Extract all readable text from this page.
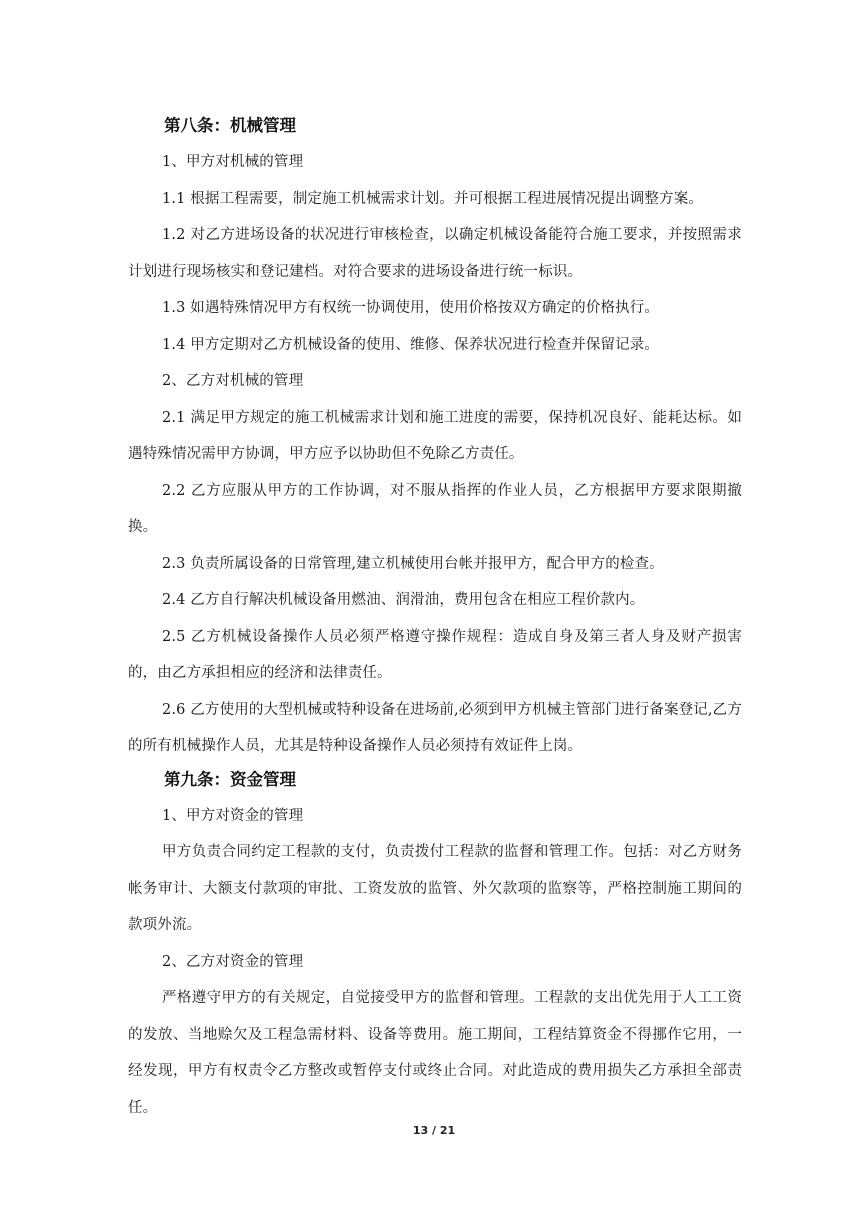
第八条：机械管理

1、甲方对机械的管理

1.1 根据工程需要，制定施工机械需求计划。并可根据工程进展情况提出调整方案。

1.2 对乙方进场设备的状况进行审核检查，以确定机械设备能符合施工要求，并按照需求计划进行现场核实和登记建档。对符合要求的进场设备进行统一标识。

1.3 如遇特殊情况甲方有权统一协调使用，使用价格按双方确定的价格执行。

1.4 甲方定期对乙方机械设备的使用、维修、保养状况进行检查并保留记录。

2、乙方对机械的管理

2.1 满足甲方规定的施工机械需求计划和施工进度的需要，保持机况良好、能耗达标。如遇特殊情况需甲方协调，甲方应予以协助但不免除乙方责任。

2.2 乙方应服从甲方的工作协调，对不服从指挥的作业人员，乙方根据甲方要求限期撤换。

2.3 负责所属设备的日常管理,建立机械使用台帐并报甲方，配合甲方的检查。

2.4 乙方自行解决机械设备用燃油、润滑油，费用包含在相应工程价款内。

2.5 乙方机械设备操作人员必须严格遵守操作规程：造成自身及第三者人身及财产损害的，由乙方承担相应的经济和法律责任。

2.6 乙方使用的大型机械或特种设备在进场前,必须到甲方机械主管部门进行备案登记,乙方的所有机械操作人员，尤其是特种设备操作人员必须持有效证件上岗。

第九条：资金管理

1、甲方对资金的管理

甲方负责合同约定工程款的支付，负责拨付工程款的监督和管理工作。包括：对乙方财务帐务审计、大额支付款项的审批、工资发放的监管、外欠款项的监察等，严格控制施工期间的款项外流。

2、乙方对资金的管理

严格遵守甲方的有关规定，自觉接受甲方的监督和管理。工程款的支出优先用于人工工资的发放、当地赊欠及工程急需材料、设备等费用。施工期间，工程结算资金不得挪作它用，一经发现，甲方有权责令乙方整改或暂停支付或终止合同。对此造成的费用损失乙方承担全部责任。

13 / 21
